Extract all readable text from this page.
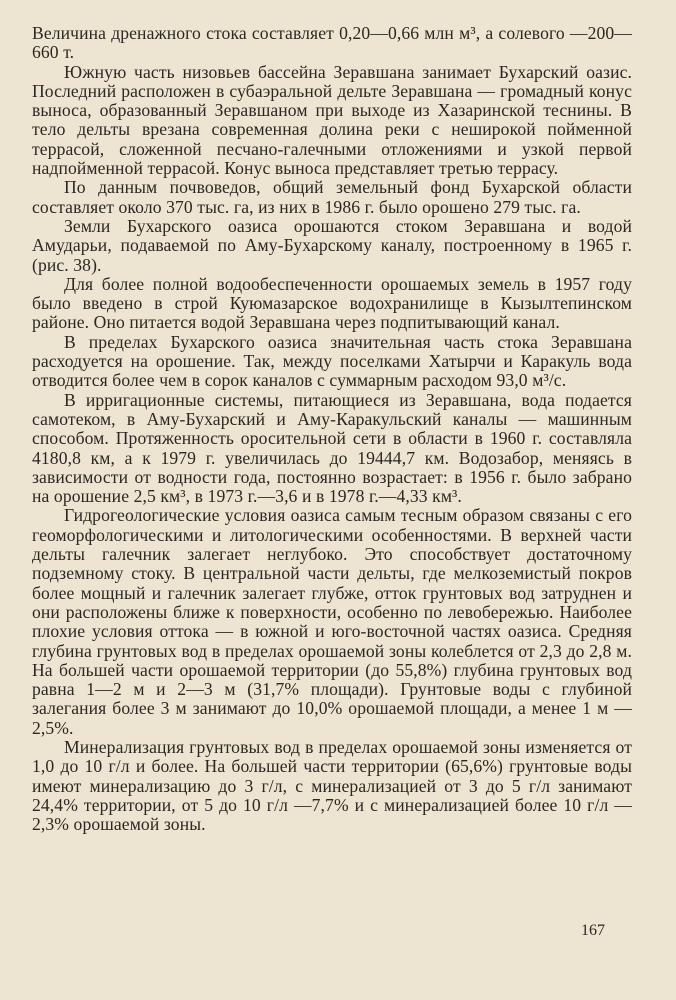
Величина дренажного стока составляет 0,20—0,66 млн м³, а солевого —200—660 т.

Южную часть низовьев бассейна Зеравшана занимает Бухарский оазис. Последний расположен в субаэральной дельте Зеравшана — громадный конус выноса, образованный Зеравшаном при выходе из Хазаринской теснины. В тело дельты врезана современная долина реки с неширокой пойменной террасой, сложенной песчано-галечными отложениями и узкой первой надпойменной террасой. Конус выноса представляет третью террасу.

По данным почвоведов, общий земельный фонд Бухарской области составляет около 370 тыс. га, из них в 1986 г. было орошено 279 тыс. га.

Земли Бухарского оазиса орошаются стоком Зеравшана и водой Амударьи, подаваемой по Аму-Бухарскому каналу, построенному в 1965 г. (рис. 38).

Для более полной водообеспеченности орошаемых земель в 1957 году было введено в строй Куюмазарское водохранилище в Кызылтепинском районе. Оно питается водой Зеравшана через подпитывающий канал.

В пределах Бухарского оазиса значительная часть стока Зеравшана расходуется на орошение. Так, между поселками Хатырчи и Каракуль вода отводится более чем в сорок каналов с суммарным расходом 93,0 м³/с.

В ирригационные системы, питающиеся из Зеравшана, вода подается самотеком, в Аму-Бухарский и Аму-Каракульский каналы — машинным способом. Протяженность оросительной сети в области в 1960 г. составляла 4180,8 км, а к 1979 г. увеличилась до 19444,7 км. Водозабор, меняясь в зависимости от водности года, постоянно возрастает: в 1956 г. было забрано на орошение 2,5 км³, в 1973 г.—3,6 и в 1978 г.—4,33 км³.

Гидрогеологические условия оазиса самым тесным образом связаны с его геоморфологическими и литологическими особенностями. В верхней части дельты галечник залегает неглубоко. Это способствует достаточному подземному стоку. В центральной части дельты, где мелкоземистый покров более мощный и галечник залегает глубже, отток грунтовых вод затруднен и они расположены ближе к поверхности, особенно по левобережью. Наиболее плохие условия оттока — в южной и юго-восточной частях оазиса. Средняя глубина грунтовых вод в пределах орошаемой зоны колеблется от 2,3 до 2,8 м. На большей части орошаемой территории (до 55,8%) глубина грунтовых вод равна 1—2 м и 2—3 м (31,7% площади). Грунтовые воды с глубиной залегания более 3 м занимают до 10,0% орошаемой площади, а менее 1 м — 2,5%.

Минерализация грунтовых вод в пределах орошаемой зоны изменяется от 1,0 до 10 г/л и более. На большей части территории (65,6%) грунтовые воды имеют минерализацию до 3 г/л, с минерализацией от 3 до 5 г/л занимают 24,4% территории, от 5 до 10 г/л —7,7% и с минерализацией более 10 г/л —2,3% орошаемой зоны.

167
